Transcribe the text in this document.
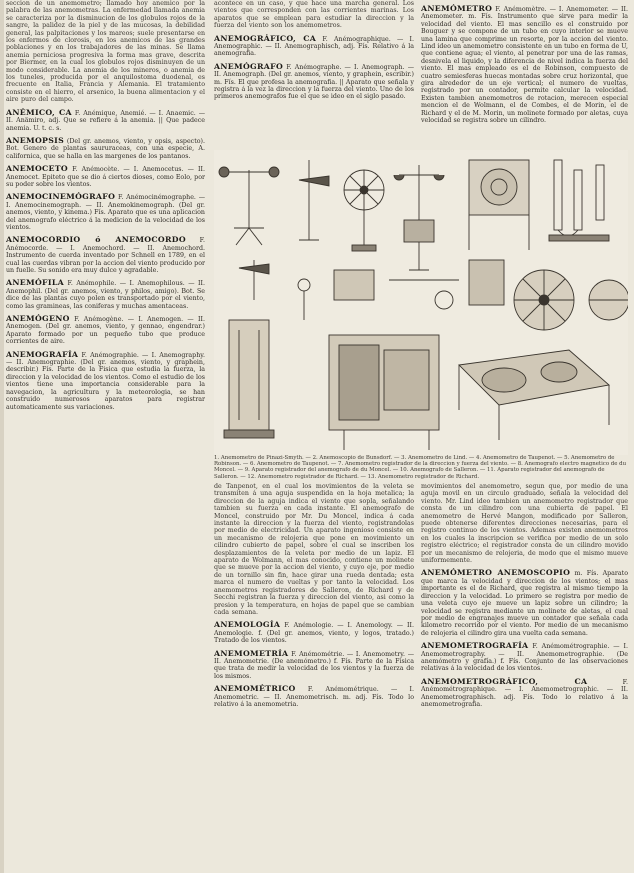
seccion de un anemometro; llamado hoy anemico por la palabra de las anemometras. La enfermedad llamada anemia se caracteriza por la disminucion de los globulos rojos de la sangre, la palidez de la piel y de las mucosas, la debilidad general, las palpitaciones y los mareos; suele presentarse en los enfermos de clorosis, en los anemicos de las grandes poblaciones y en los trabajadores de las minas. Se llama anemia perniciosa progresiva la forma mas grave, descrita por Biermer, en la cual los globulos rojos disminuyen de un modo considerable. La anemia de los mineros, o anemia de los tuneles, producida por el anquilostoma duodenal, es frecuente en Italia, Francia y Alemania. El tratamiento consiste en el hierro, el arsenico, la buena alimentacion y el aire puro del campo.
ANÉMICO, CA F. Anémique, Anemié. — I. Anaemic. — II. Anämiro, adj. Que se refiere á la anemia. || Que padece anemia. U. t. c. s.
ANEMOPSIS (Del gr. anemos, viento, y opsis, aspecto). Bot. Genero de plantas saururaceas, con una especie, A. californica, que se halla en las margenes de los pantanos.
ANEMOCETO F. Anémocète. — I. Anemocetus. — II. Anemocet. Epiteto que se dio á ciertos dioses, como Eolo, por su poder sobre los vientos.
ANEMOCINEMÓGRAFO F. Anémocinémographe. — I. Anemocinemograph. — II. Anemokinemograph. (Del gr. anemos, viento, y kinema.) Fís. Aparato que es una aplicacion del anemografo eléctrico á la medicion de la velocidad de los vientos.
ANEMOCORDIO ó ANEMOCORDO F. Anémocorde. — I. Anemochord. — II. Anemochord. Instrumento de cuerda inventado por Schnell en 1789, en el cual las cuerdas vibran por la accion del viento producido por un fuelle. Su sonido era muy dulce y agradable.
ANEMÓFILA F. Anémophile. — I. Anemophilous. — II. Anemophil. (Del gr. anemos, viento, y philos, amigo). Bot. Se dice de las plantas cuyo polen es transportado por el viento, como las gramineas, las coniferas y muchas amentaceas.
ANEMÓGENO F. Anémogène. — I. Anemogen. — II. Anemogen. (Del gr. anemos, viento, y gennao, engendrar.) Aparato formado por un pequeño tubo que produce corrientes de aire.
ANEMOGRAFÍA F. Anémographie. — I. Anemography. — II. Anemographie. (Del gr. anemos, viento, y graphein, describir.) Fís. Parte de la Fisica que estudia la fuerza, la direccion y la velocidad de los vientos. Como el estudio de los vientos tiene una importancia considerable para la navegacion, la agricultura y la meteorologia, se han construido numerosos aparatos para registrar automaticamente sus variaciones.
acontece en un caso, y que hace una marcha general. Los vientos que corresponden con las corrientes marinas. Los aparatos que se emplean para estudiar la direccion y la fuerza del viento son los anemometros.
ANEMOGRÁFICO, CA F. Anémographique. — I. Anemographic. — II. Anemographisch, adj. Fís. Relativo á la anemografia.
ANEMÓGRAFO F. Anémographe. — I. Anemograph. — II. Anemograph. (Del gr. anemos, viento, y graphein, escribir.) m. Fís. El que profesa la anemografia. || Aparato que señala y registra á la vez la direccion y la fuerza del viento. Uno de los primeros anemografos fue el que se ideo en el siglo pasado.
ANEMÓMETRO F. Anémomètre. — I. Anemometer. — II. Anemometer. m. Fís. Instrumento que sirve para medir la velocidad del viento. El mas sencillo es el construido por Bouguer y se compone de un tubo en cuyo interior se mueve una lamina que comprime un resorte, por la accion del viento. Lind ideo un anemometro consistente en un tubo en forma de U, que contiene agua; el viento, al penetrar por una de las ramas, desnivela el liquido, y la diferencia de nivel indica la fuerza del viento. El mas empleado es el de Robinson, compuesto de cuatro semiesferas huecas montadas sobre cruz horizontal, que gira alrededor de un eje vertical; el numero de vueltas, registrado por un contador, permite calcular la velocidad. Existen tambien anemometros de rotacion, merecen especial mencion el de Wolmann, el de Combes, el de Morin, el de Richard y el de M. Morin, un molinete formado por aletas, cuya velocidad se registra sobre un cilindro.
1. Anemometro de Pinazi-Smyth. — 2. Anemoscopio de Bunsdorf. — 3. Anemometro de Lind. — 4. Anemometro de Taupenot. — 5. Anemometro de Robinson. — 6. Anemometro de Taupenot. — 7. Anemometro registrador de la direccion y fuerza del viento. — 8. Anemografo electro magnetico de du Moncel. — 9. Aparato registrador del anemografo de du Moncel. — 10. Anemografo de Salleron. — 11. Aparato registrador del anemografo de Salleron. — 12. Anemometro registrador de Richard. — 13. Anemometro registrador de Richard.
de Tanpenot, en el cual los movimientos de la veleta se transmiten á una aguja suspendida en la hoja metalica; la direccion de la aguja indica el viento que sopla, señalando tambien su fuerza en cada instante. El anemografo de Moncel, construido por Mr. Du Moncel, indica á cada instante la direccion y la fuerza del viento, registrandolas por medio de electricidad. Un aparato ingenioso consiste en un mecanismo de relojeria que pone en movimiento un cilindro cubierto de papel, sobre el cual se inscriben los desplazamientos de la veleta por medio de un lapiz. El aparato de Wolmann, el mas conocido, contiene un molinete que se mueve por la accion del viento, y cuyo eje, por medio de un tornillo sin fin, hace girar una rueda dentada; esta marca el numero de vueltas y por tanto la velocidad. Los anemometros registradores de Salleron, de Richard y de Secchi registran la fuerza y direccion del viento, asi como la presion y la temperatura, en hojas de papel que se cambian cada semana.
ANEMOLOGÍA F. Anémologie. — I. Anemology. — II. Anemologie. f. (Del gr. anemos, viento, y logos, tratado.) Tratado de los vientos.
ANEMOMETRÍA F. Anémométrie. — I. Anemometry. — II. Anemometrie. (De anemómetro.) f. Fís. Parte de la Fisica que trata de medir la velocidad de los vientos y la fuerza de los mismos.
ANEMOMÉTRICO F. Anémométrique. — I. Anemometric. — II. Anemometrisch. m. adj. Fís. Todo lo relativo á la anemometria.
movimientos del anemometro, segun que, por medio de una aguja movil en un circulo graduado, señala la velocidad del viento. Mr. Lind ideo tambien un anemometro registrador que consta de un cilindro con una cubierta de papel. El anemometro de Hervé Mangon, modificado por Salleron, puede obtenerse diferentes direcciones necesarias, para el registro continuo de los vientos. Ademas existen anemometros en los cuales la inscripcion se verifica por medio de un solo registro eléctrico; el registrador consta de un cilindro movido por un mecanismo de relojeria, de modo que el mismo mueve uniformemente.
ANEMÓMETRO ANEMOSCOPIO m. Fís. Aparato que marca la velocidad y direccion de los vientos; el mas importante es el de Richard, que registra al mismo tiempo la direccion y la velocidad. Lo primero se registra por medio de una veleta cuyo eje mueve un lapiz sobre un cilindro; la velocidad se registra mediante un molinete de aletas, el cual por medio de engranajes mueve un contador que señala cada kilometro recorrido por el viento. Por medio de un mecanismo de relojeria el cilindro gira una vuelta cada semana.
ANEMOMETROGRAFÍA F. Anémométrographie. — I. Anemometrography. — II. Anemometrographie. (De anemómetro y grafía.) f. Fís. Conjunto de las observaciones relativas á la velocidad de los vientos.
ANEMOMETROGRÁFICO, CA	F. Anémométrographique. — I. Anemometrographic. — II. Anemometrographisch. adj. Fís. Todo lo relativo á la anemometrografia.
